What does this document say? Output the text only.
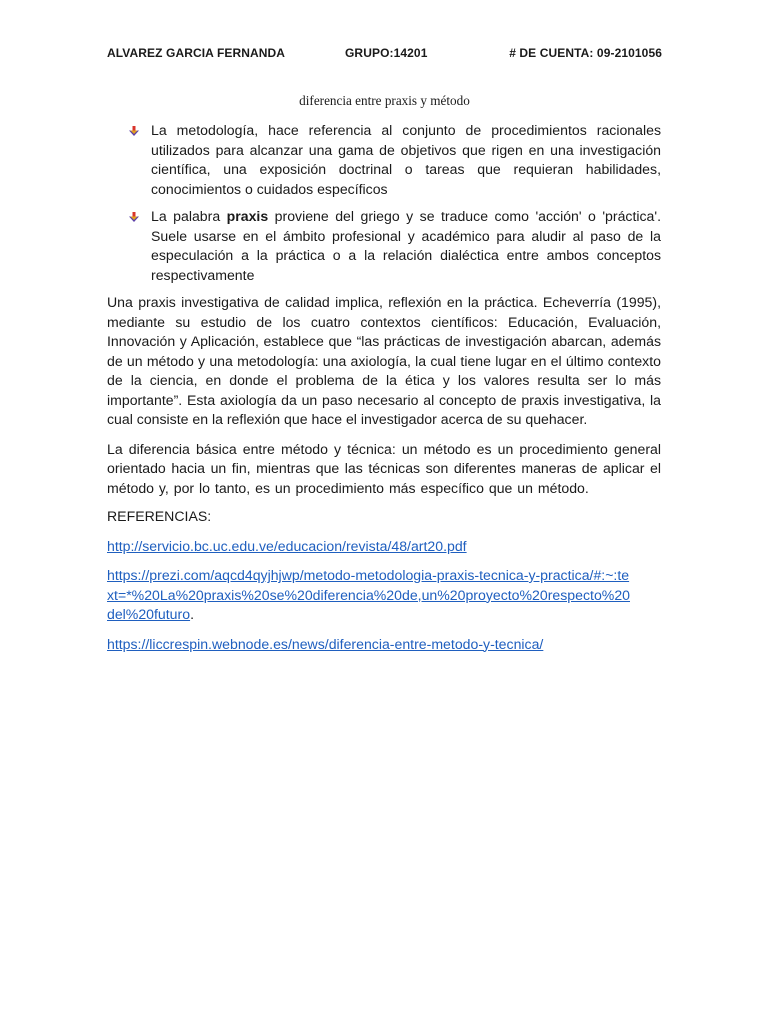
ALVAREZ GARCIA FERNANDA	GRUPO:14201	# DE CUENTA: 09-2101056
diferencia entre praxis y método
La metodología, hace referencia al conjunto de procedimientos racionales utilizados para alcanzar una gama de objetivos que rigen en una investigación científica, una exposición doctrinal o tareas que requieran habilidades, conocimientos o cuidados específicos
La palabra praxis proviene del griego y se traduce como 'acción' o 'práctica'. Suele usarse en el ámbito profesional y académico para aludir al paso de la especulación a la práctica o a la relación dialéctica entre ambos conceptos respectivamente

Una praxis investigativa de calidad implica, reflexión en la práctica. Echeverría (1995), mediante su estudio de los cuatro contextos científicos: Educación, Evaluación, Innovación y Aplicación, establece que “las prácticas de investigación abarcan, además de un método y una metodología: una axiología, la cual tiene lugar en el último contexto de la ciencia, en donde el problema de la ética y los valores resulta ser lo más importante”. Esta axiología da un paso necesario al concepto de praxis investigativa, la cual consiste en la reflexión que hace el investigador acerca de su quehacer.

La diferencia básica entre método y técnica: un método es un procedimiento general orientado hacia un fin, mientras que las técnicas son diferentes maneras de aplicar el método y, por lo tanto, es un procedimiento más específico que un método.

REFERENCIAS:

http://servicio.bc.uc.edu.ve/educacion/revista/48/art20.pdf

https://prezi.com/aqcd4qyjhjwp/metodo-metodologia-praxis-tecnica-y-practica/#:~:text=*%20La%20praxis%20se%20diferencia%20de,un%20proyecto%20respecto%20del%20futuro.

https://liccrespin.webnode.es/news/diferencia-entre-metodo-y-tecnica/
